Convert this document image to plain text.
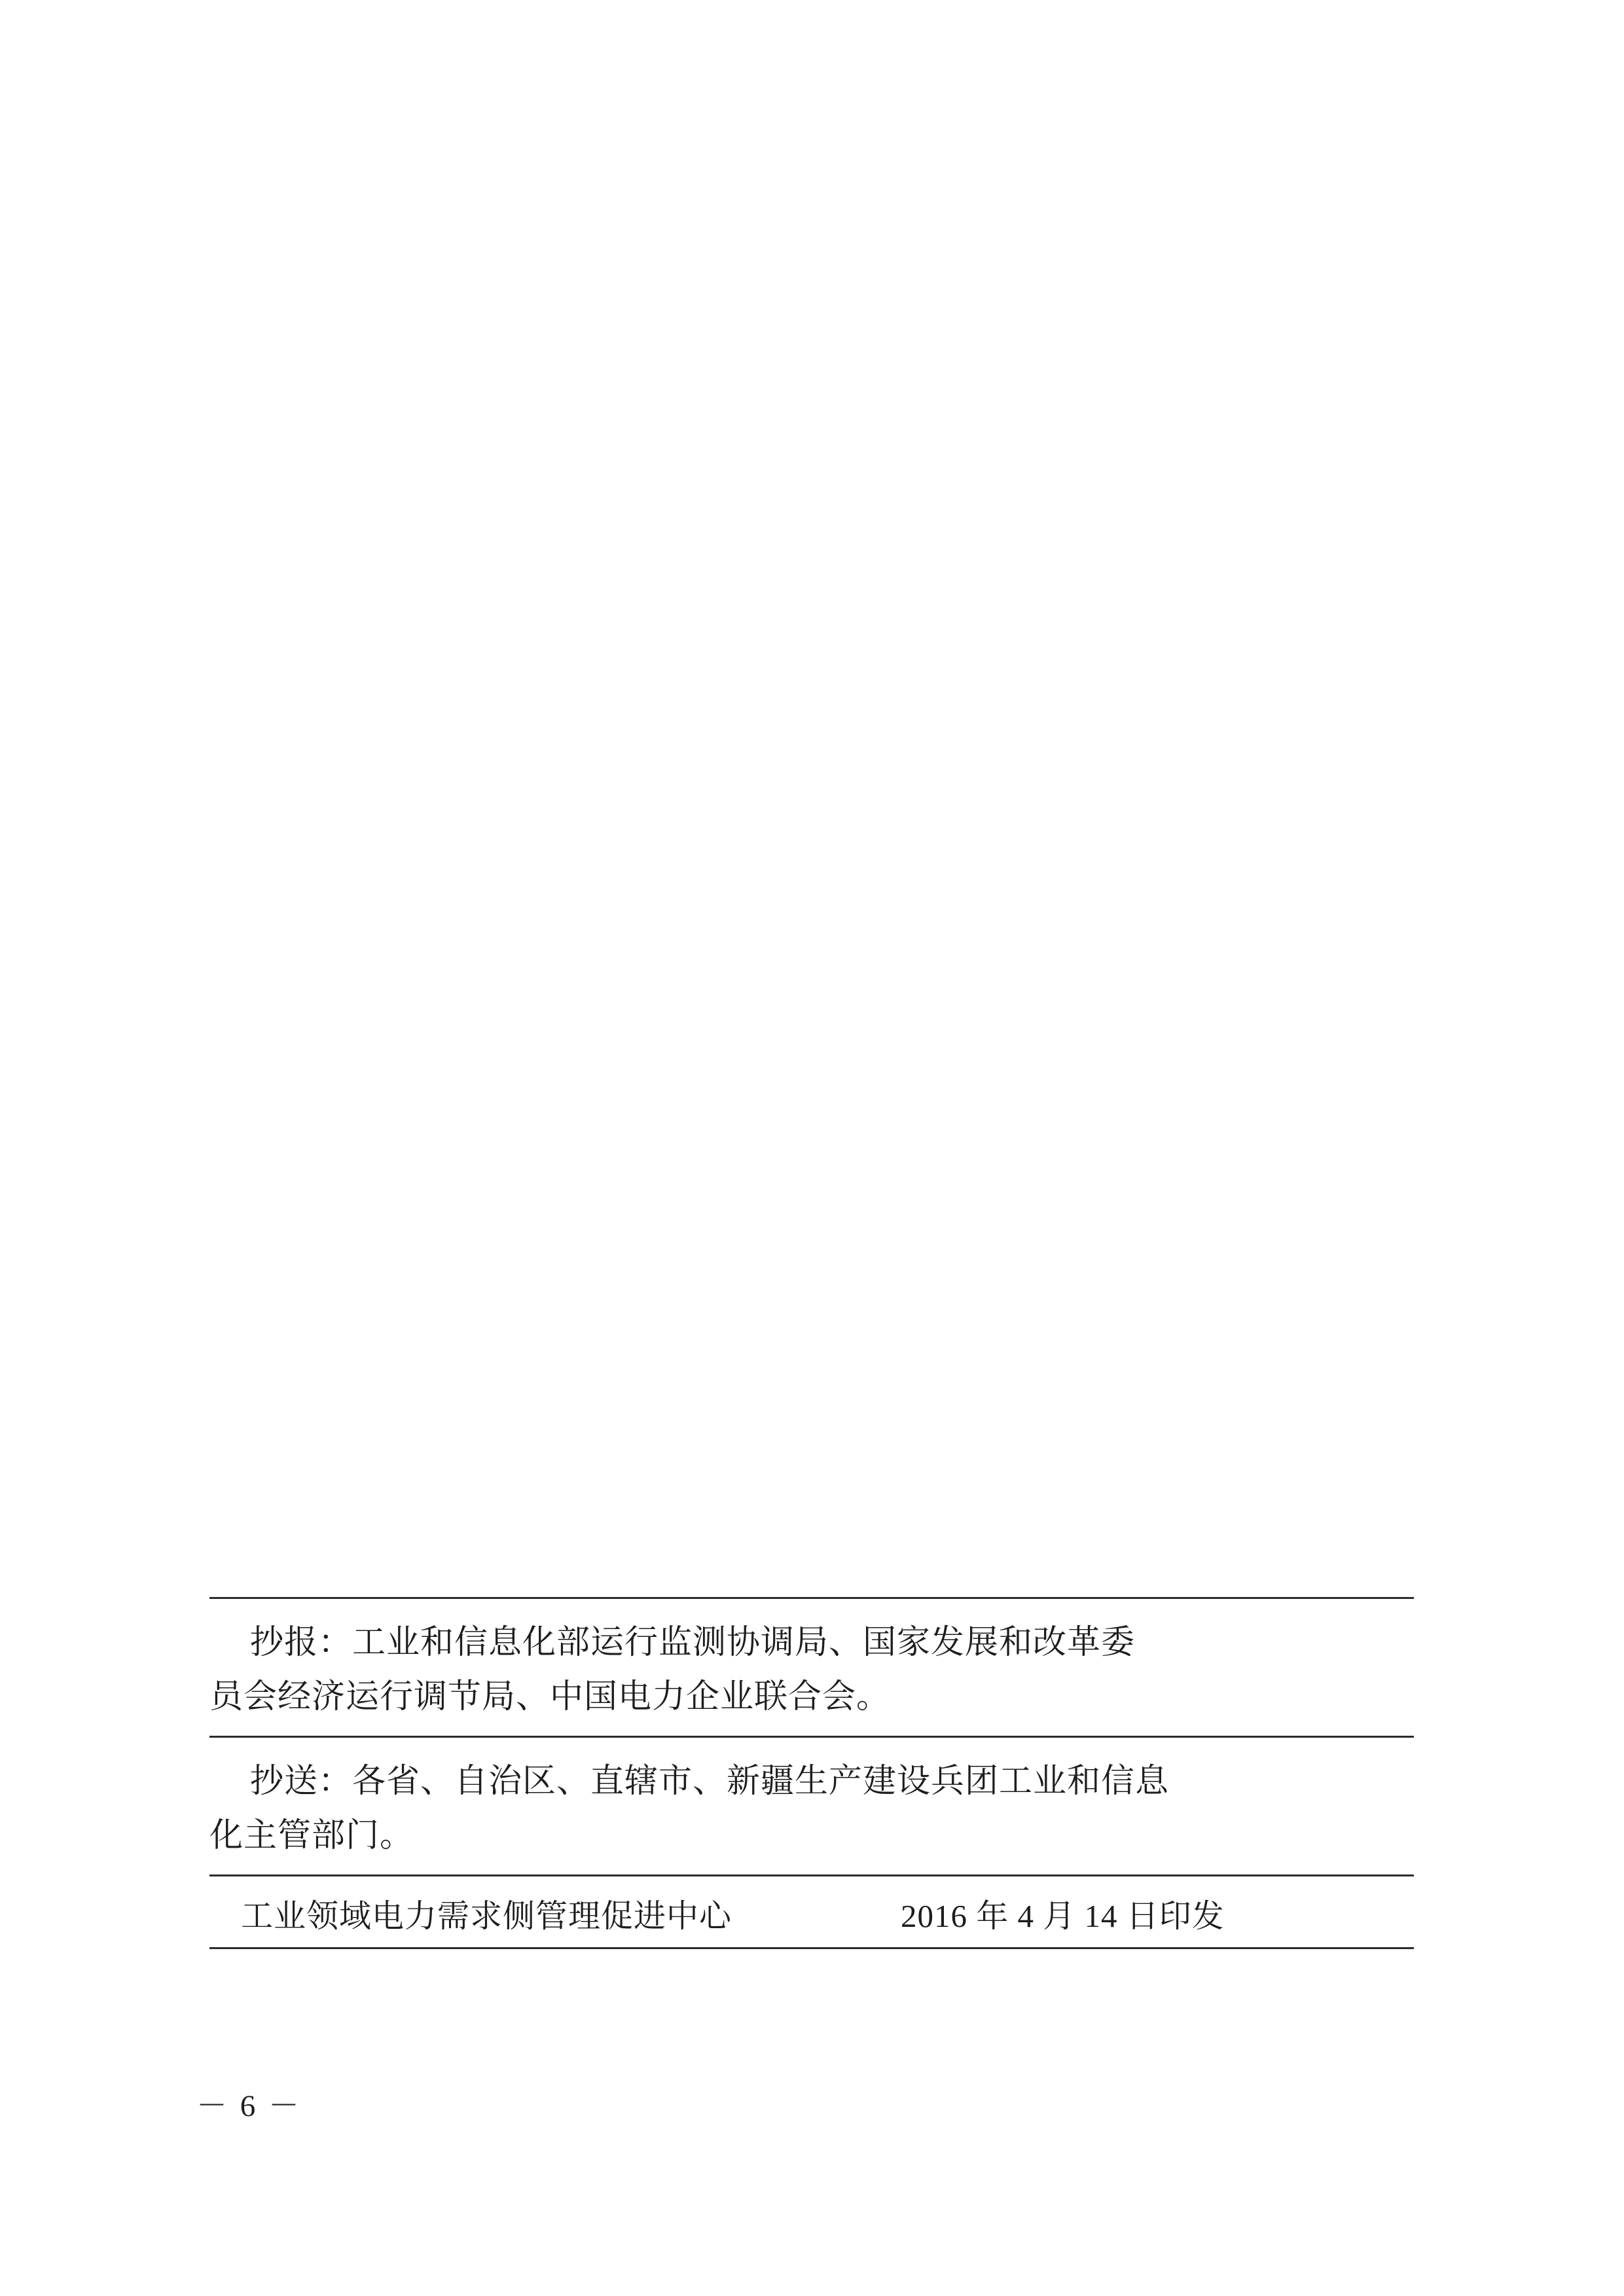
抄报：工业和信息化部运行监测协调局、国家发展和改革委
员会经济运行调节局、中国电力企业联合会。
抄送：各省、自治区、直辖市、新疆生产建设兵团工业和信息
化主管部门。
工业领域电力需求侧管理促进中心	2016 年 4 月 14 日印发
－ 6 －
